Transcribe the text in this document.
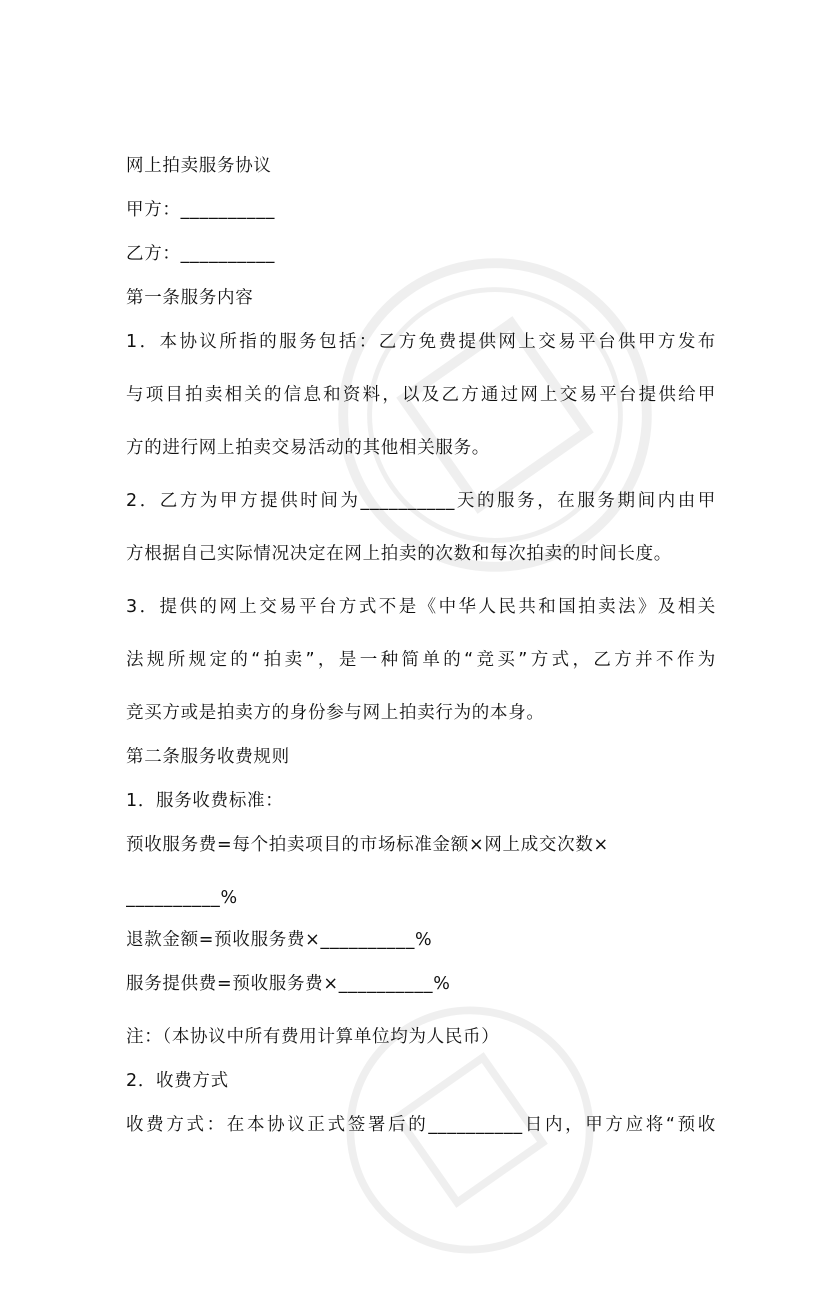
网上拍卖服务协议
甲方：__________
乙方：__________
第一条服务内容
1．本协议所指的服务包括：乙方免费提供网上交易平台供甲方发布
与项目拍卖相关的信息和资料，以及乙方通过网上交易平台提供给甲
方的进行网上拍卖交易活动的其他相关服务。
2．乙方为甲方提供时间为__________天的服务，在服务期间内由甲
方根据自己实际情况决定在网上拍卖的次数和每次拍卖的时间长度。
3．提供的网上交易平台方式不是《中华人民共和国拍卖法》及相关
法规所规定的“拍卖”，是一种简单的“竞买”方式，乙方并不作为
竞买方或是拍卖方的身份参与网上拍卖行为的本身。
第二条服务收费规则
1．服务收费标准：
预收服务费=每个拍卖项目的市场标准金额×网上成交次数×
__________%
退款金额=预收服务费×__________%
服务提供费=预收服务费×__________%
注：（本协议中所有费用计算单位均为人民币）
2．收费方式
收费方式：在本协议正式签署后的__________日内，甲方应将“预收
